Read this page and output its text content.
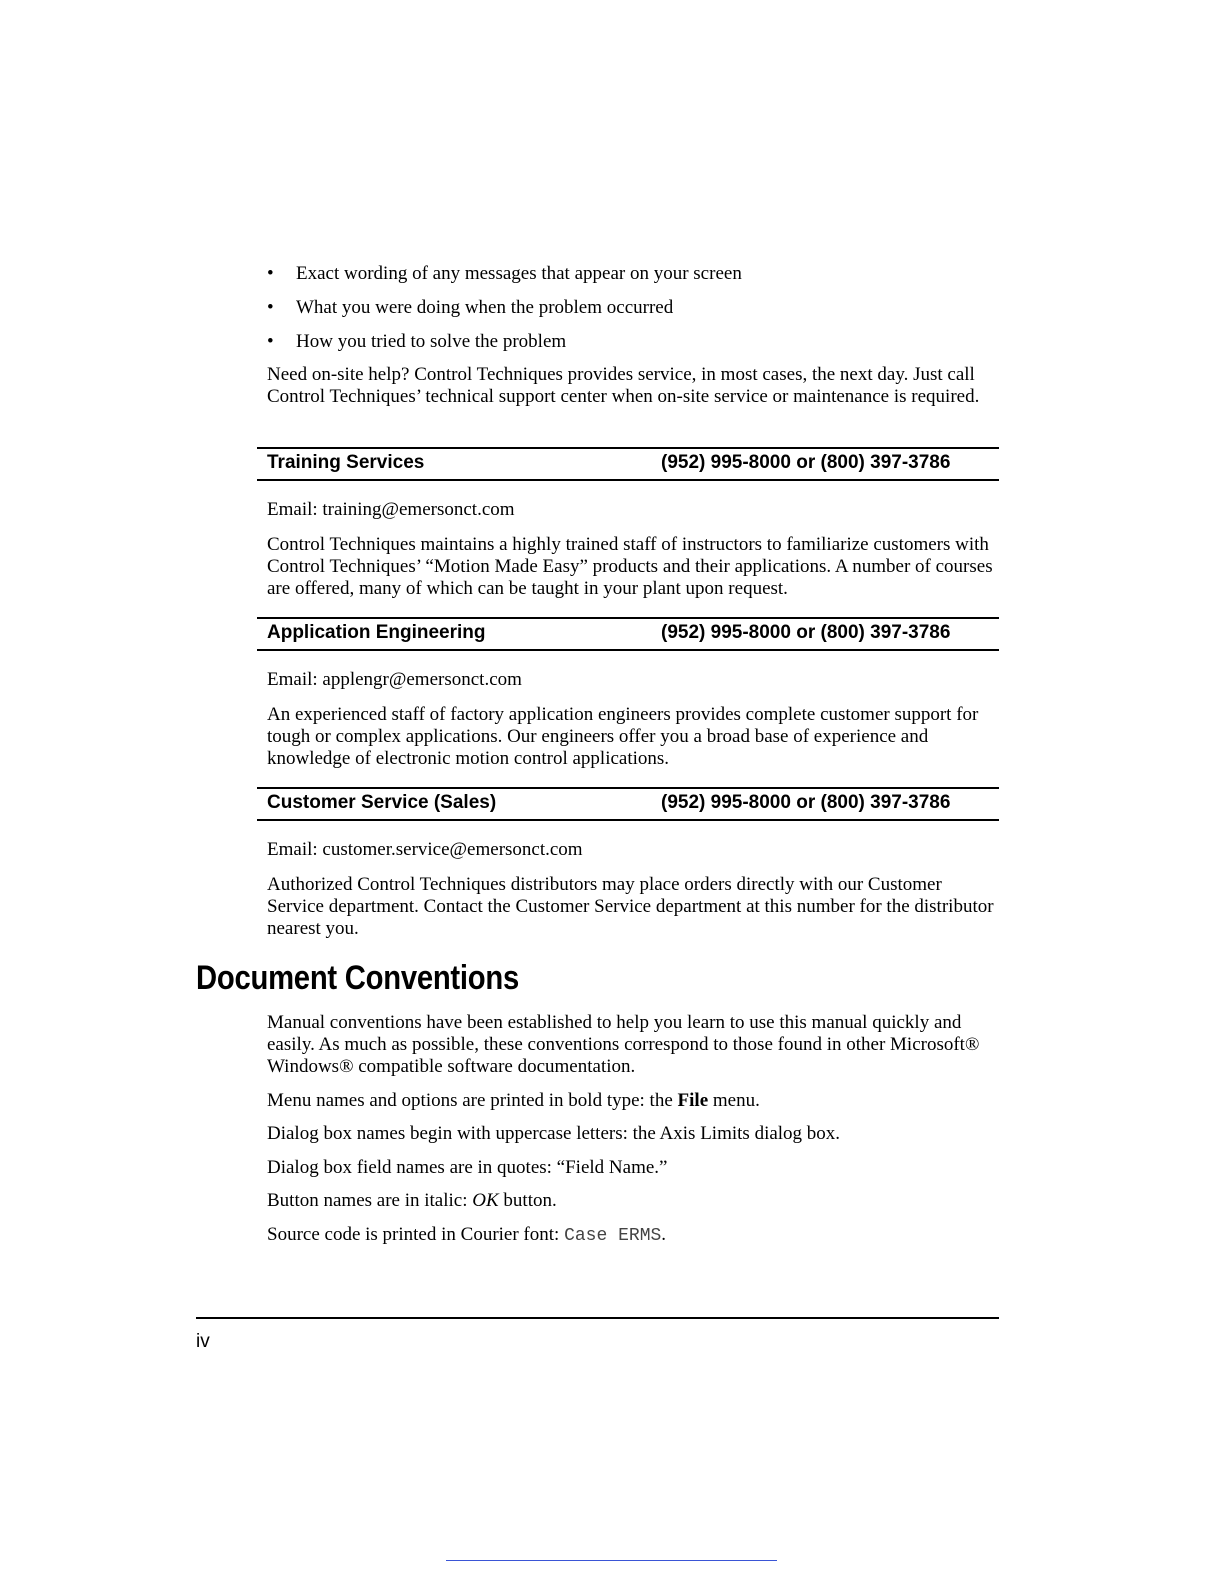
•	Exact wording of any messages that appear on your screen
•	What you were doing when the problem occurred
•	How you tried to solve the problem

Need on-site help? Control Techniques provides service, in most cases, the next day. Just call Control Techniques’ technical support center when on-site service or maintenance is required.

Training Services	(952) 995-8000 or (800) 397-3786

Email: training@emersonct.com

Control Techniques maintains a highly trained staff of instructors to familiarize customers with Control Techniques’ “Motion Made Easy” products and their applications. A number of courses are offered, many of which can be taught in your plant upon request.

Application Engineering	(952) 995-8000 or (800) 397-3786

Email: applengr@emersonct.com

An experienced staff of factory application engineers provides complete customer support for tough or complex applications. Our engineers offer you a broad base of experience and knowledge of electronic motion control applications.

Customer Service (Sales)	(952) 995-8000 or (800) 397-3786

Email: customer.service@emersonct.com

Authorized Control Techniques distributors may place orders directly with our Customer Service department. Contact the Customer Service department at this number for the distributor nearest you.

Document Conventions

Manual conventions have been established to help you learn to use this manual quickly and easily. As much as possible, these conventions correspond to those found in other Microsoft® Windows® compatible software documentation.

Menu names and options are printed in bold type: the File menu.

Dialog box names begin with uppercase letters: the Axis Limits dialog box.

Dialog box field names are in quotes: “Field Name.”

Button names are in italic: OK button.

Source code is printed in Courier font: Case ERMS.

iv
